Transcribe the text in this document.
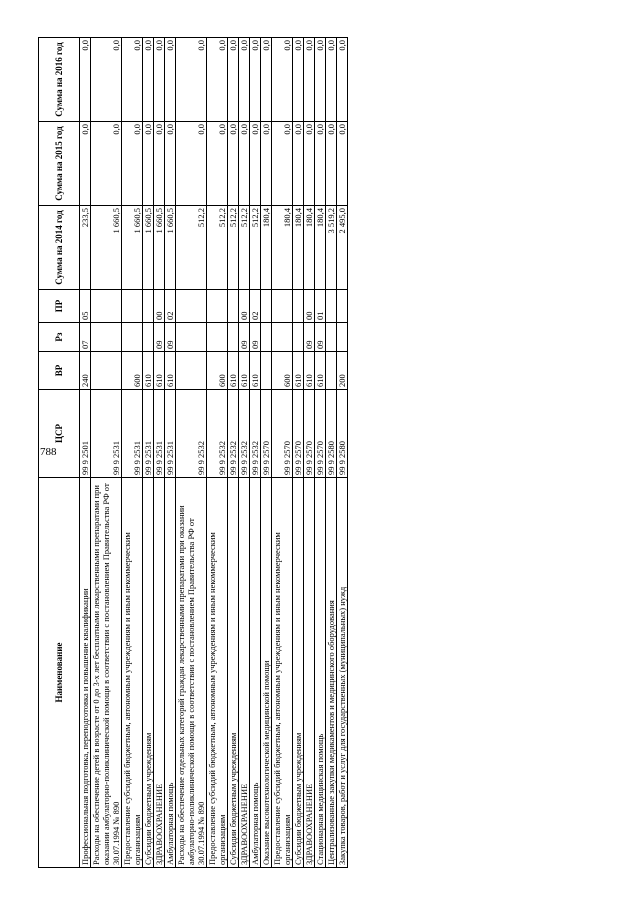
788
Наименование	ЦСР	ВР	Рз	ПР	Сумма на 2014 год	Сумма на 2015 год	Сумма на 2016 год
Профессиональная подготовка, переподготовка и повышение квалификации	99 9 2501	240	07	05	233,5	0,0	0,0
Расходы на обеспечение детей в возрасте от 0 до 3-х лет бесплатными лекарственными препаратами при оказании амбулаторно-поликлинической помощи в соответствии с постановлением Правительства РФ от 30.07.1994 № 890	99 9 2531				1 660,5	0,0	0,0
Предоставление субсидий бюджетным, автономным учреждениям и иным некоммерческим организациям	99 9 2531	600			1 660,5	0,0	0,0
Субсидии бюджетным учреждениям	99 9 2531	610			1 660,5	0,0	0,0
ЗДРАВООХРАНЕНИЕ	99 9 2531	610	09	00	1 660,5	0,0	0,0
Амбулаторная помощь	99 9 2531	610	09	02	1 660,5	0,0	0,0
Расходы на обеспечение отдельных категорий граждан лекарственными препаратами при оказании амбулаторно-поликлинической помощи в соответствии с постановлением Правительства РФ от 30.07.1994 № 890	99 9 2532				512,2	0,0	0,0
Предоставление субсидий бюджетным, автономным учреждениям и иным некоммерческим организациям	99 9 2532	600			512,2	0,0	0,0
Субсидии бюджетным учреждениям	99 9 2532	610			512,2	0,0	0,0
ЗДРАВООХРАНЕНИЕ	99 9 2532	610	09	00	512,2	0,0	0,0
Амбулаторная помощь	99 9 2532	610	09	02	512,2	0,0	0,0
Оказание высокотехнологической медицинской помощи	99 9 2570				180,4	0,0	0,0
Предоставление субсидий бюджетным, автономным учреждениям и иным некоммерческим организациям	99 9 2570	600			180,4	0,0	0,0
Субсидии бюджетным учреждениям	99 9 2570	610			180,4	0,0	0,0
ЗДРАВООХРАНЕНИЕ	99 9 2570	610	09	00	180,4	0,0	0,0
Стационарная медицинская помощь	99 9 2570	610	09	01	180,4	0,0	0,0
Централизованные закупки медикаментов и медицинского оборудования	99 9 2580				3 519,2	0,0	0,0
Закупка товаров, работ и услуг для государственных (муниципальных) нужд	99 9 2580	200			2 495,0	0,0	0,0
